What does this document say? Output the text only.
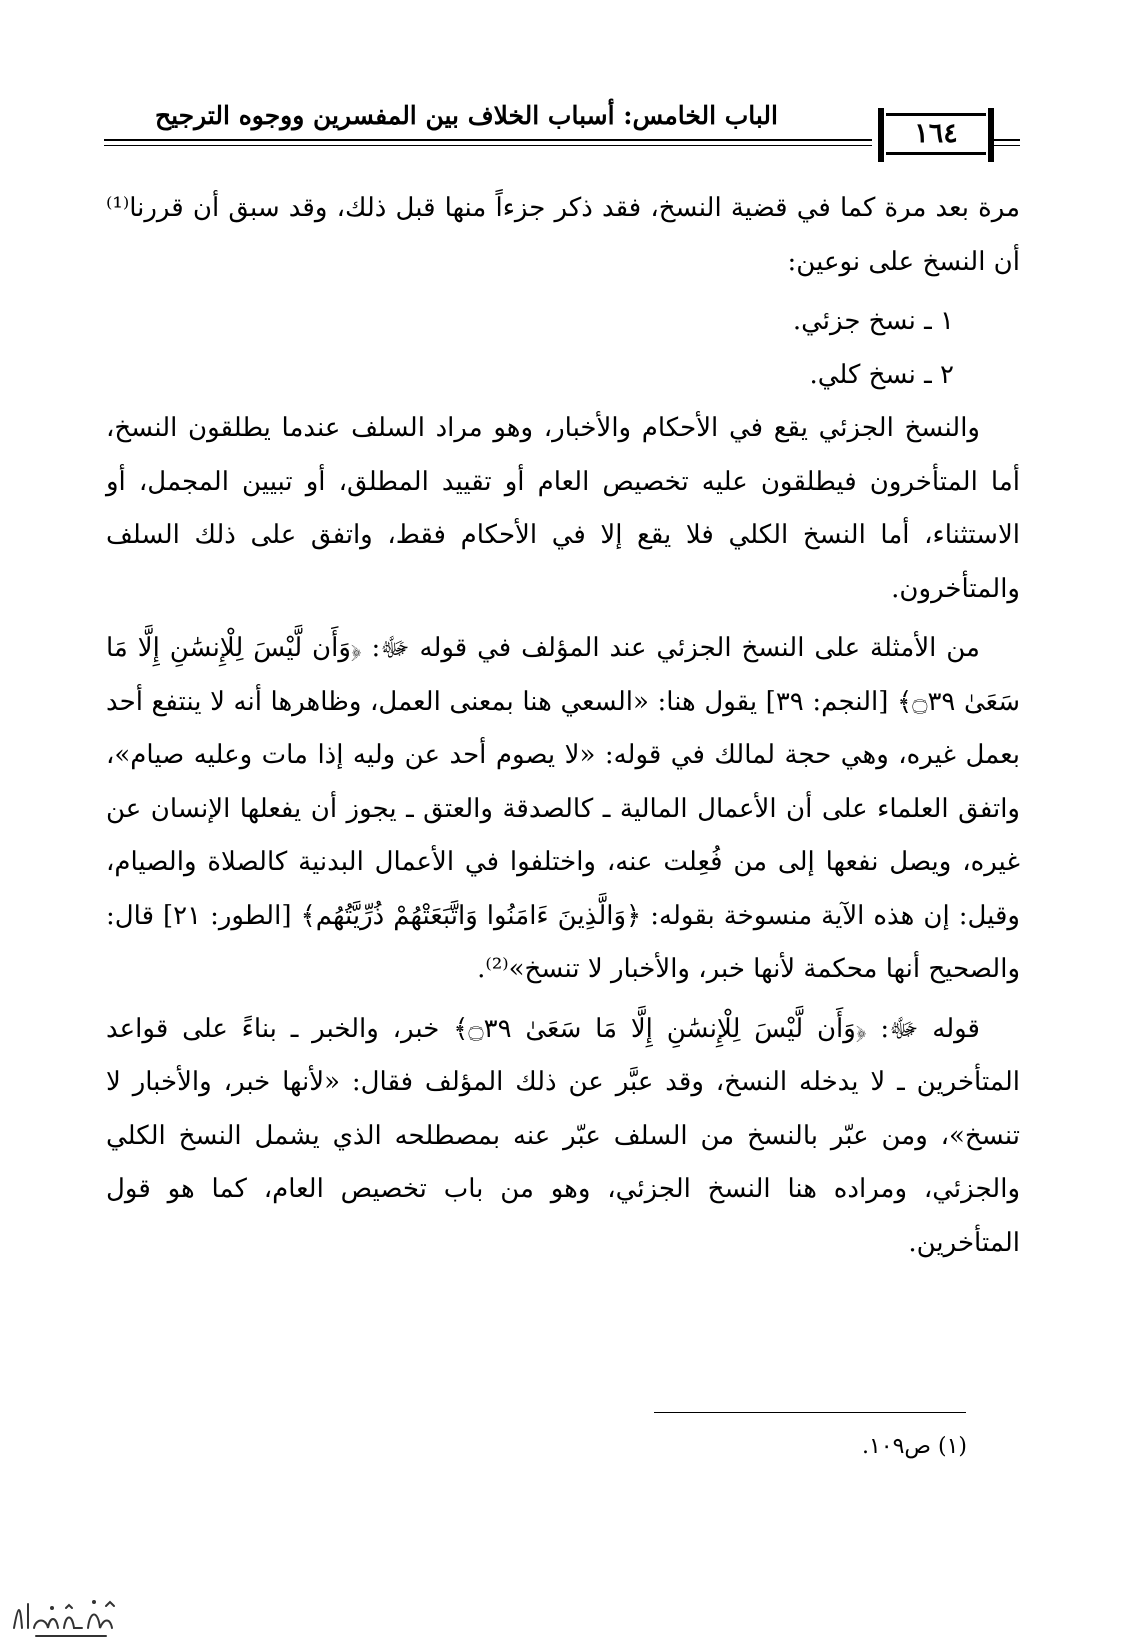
الباب الخامس: أسباب الخلاف بين المفسرين ووجوه الترجيح
١٦٤

مرة بعد مرة كما في قضية النسخ، فقد ذكر جزءاً منها قبل ذلك، وقد سبق أن قررنا⁽¹⁾ أن النسخ على نوعين:

١ ـ نسخ جزئي.

٢ ـ نسخ كلي.

والنسخ الجزئي يقع في الأحكام والأخبار، وهو مراد السلف عندما يطلقون النسخ، أما المتأخرون فيطلقون عليه تخصيص العام أو تقييد المطلق، أو تبيين المجمل، أو الاستثناء، أما النسخ الكلي فلا يقع إلا في الأحكام فقط، واتفق على ذلك السلف والمتأخرون.

من الأمثلة على النسخ الجزئي عند المؤلف في قوله ﷻ: ﴿وَأَن لَّيْسَ لِلْإِنسَٰنِ إِلَّا مَا سَعَىٰ ۝٣٩﴾ [النجم: ٣٩] يقول هنا: «السعي هنا بمعنى العمل، وظاهرها أنه لا ينتفع أحد بعمل غيره، وهي حجة لمالك في قوله: «لا يصوم أحد عن وليه إذا مات وعليه صيام»، واتفق العلماء على أن الأعمال المالية ـ كالصدقة والعتق ـ يجوز أن يفعلها الإنسان عن غيره، ويصل نفعها إلى من فُعِلت عنه، واختلفوا في الأعمال البدنية كالصلاة والصيام، وقيل: إن هذه الآية منسوخة بقوله: ﴿وَالَّذِينَ ءَامَنُوا وَاتَّبَعَتْهُمْ ذُرِّيَّتُهُم﴾ [الطور: ٢١] قال: والصحيح أنها محكمة لأنها خبر، والأخبار لا تنسخ»⁽²⁾.

قوله ﷻ: ﴿وَأَن لَّيْسَ لِلْإِنسَٰنِ إِلَّا مَا سَعَىٰ ۝٣٩﴾ خبر، والخبر ـ بناءً على قواعد المتأخرين ـ لا يدخله النسخ، وقد عبَّر عن ذلك المؤلف فقال: «لأنها خبر، والأخبار لا تنسخ»، ومن عبّر بالنسخ من السلف عبّر عنه بمصطلحه الذي يشمل النسخ الكلي والجزئي، ومراده هنا النسخ الجزئي، وهو من باب تخصيص العام، كما هو قول المتأخرين.

(١) ص١٠٩.
